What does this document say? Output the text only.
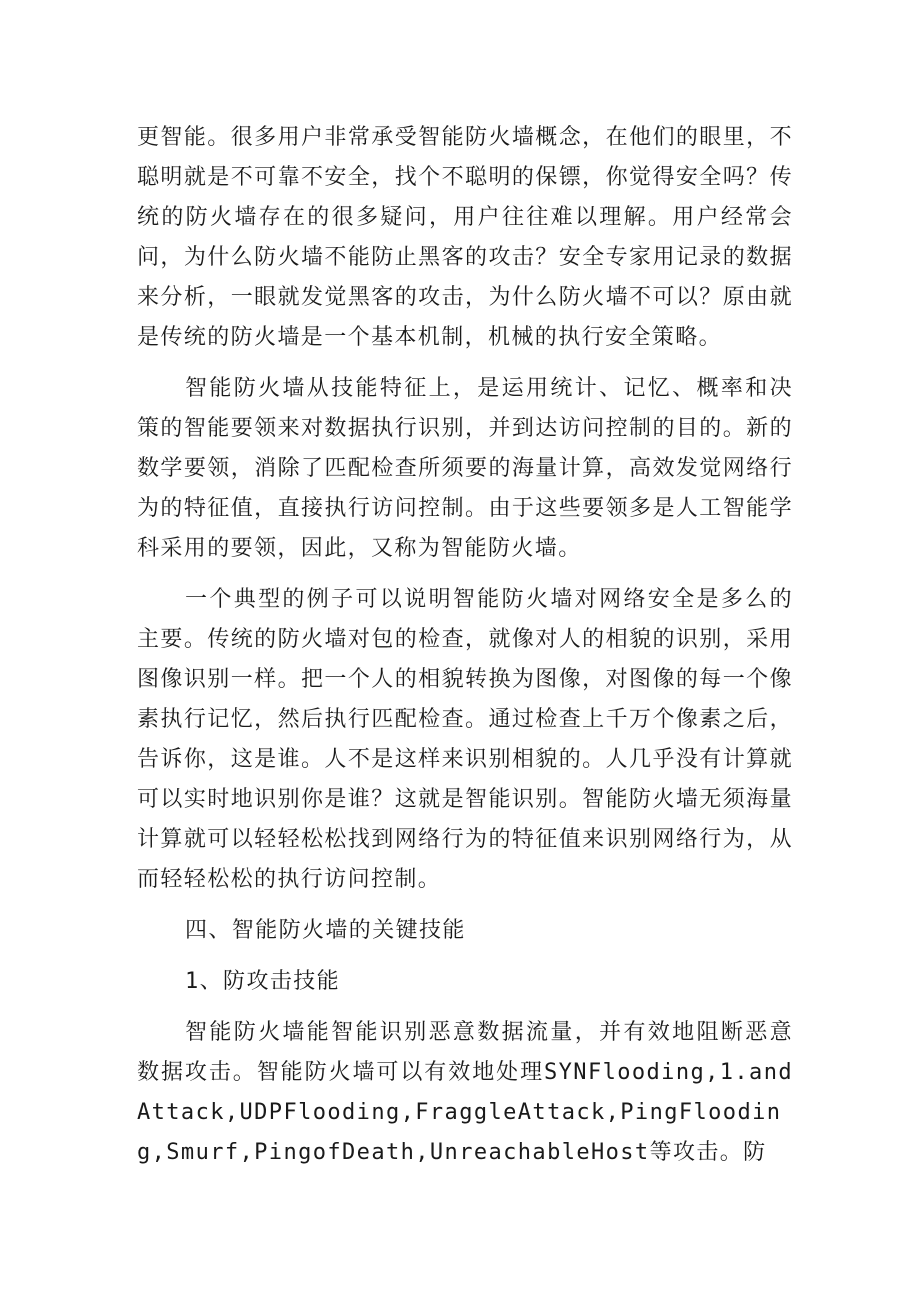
更智能。很多用户非常承受智能防火墙概念，在他们的眼里，不聪明就是不可靠不安全，找个不聪明的保镖，你觉得安全吗？传统的防火墙存在的很多疑问，用户往往难以理解。用户经常会问，为什么防火墙不能防止黑客的攻击？安全专家用记录的数据来分析，一眼就发觉黑客的攻击，为什么防火墙不可以？原由就是传统的防火墙是一个基本机制，机械的执行安全策略。

智能防火墙从技能特征上，是运用统计、记忆、概率和决策的智能要领来对数据执行识别，并到达访问控制的目的。新的数学要领，消除了匹配检查所须要的海量计算，高效发觉网络行为的特征值，直接执行访问控制。由于这些要领多是人工智能学科采用的要领，因此，又称为智能防火墙。

一个典型的例子可以说明智能防火墙对网络安全是多么的主要。传统的防火墙对包的检查，就像对人的相貌的识别，采用图像识别一样。把一个人的相貌转换为图像，对图像的每一个像素执行记忆，然后执行匹配检查。通过检查上千万个像素之后，告诉你，这是谁。人不是这样来识别相貌的。人几乎没有计算就可以实时地识别你是谁？这就是智能识别。智能防火墙无须海量计算就可以轻轻松松找到网络行为的特征值来识别网络行为，从而轻轻松松的执行访问控制。

四、智能防火墙的关键技能

1、防攻击技能

智能防火墙能智能识别恶意数据流量，并有效地阻断恶意数据攻击。智能防火墙可以有效地处理SYNFlooding,1.andAttack,UDPFlooding,FraggleAttack,PingFlooding,Smurf,PingofDeath,UnreachableHost等攻击。防
